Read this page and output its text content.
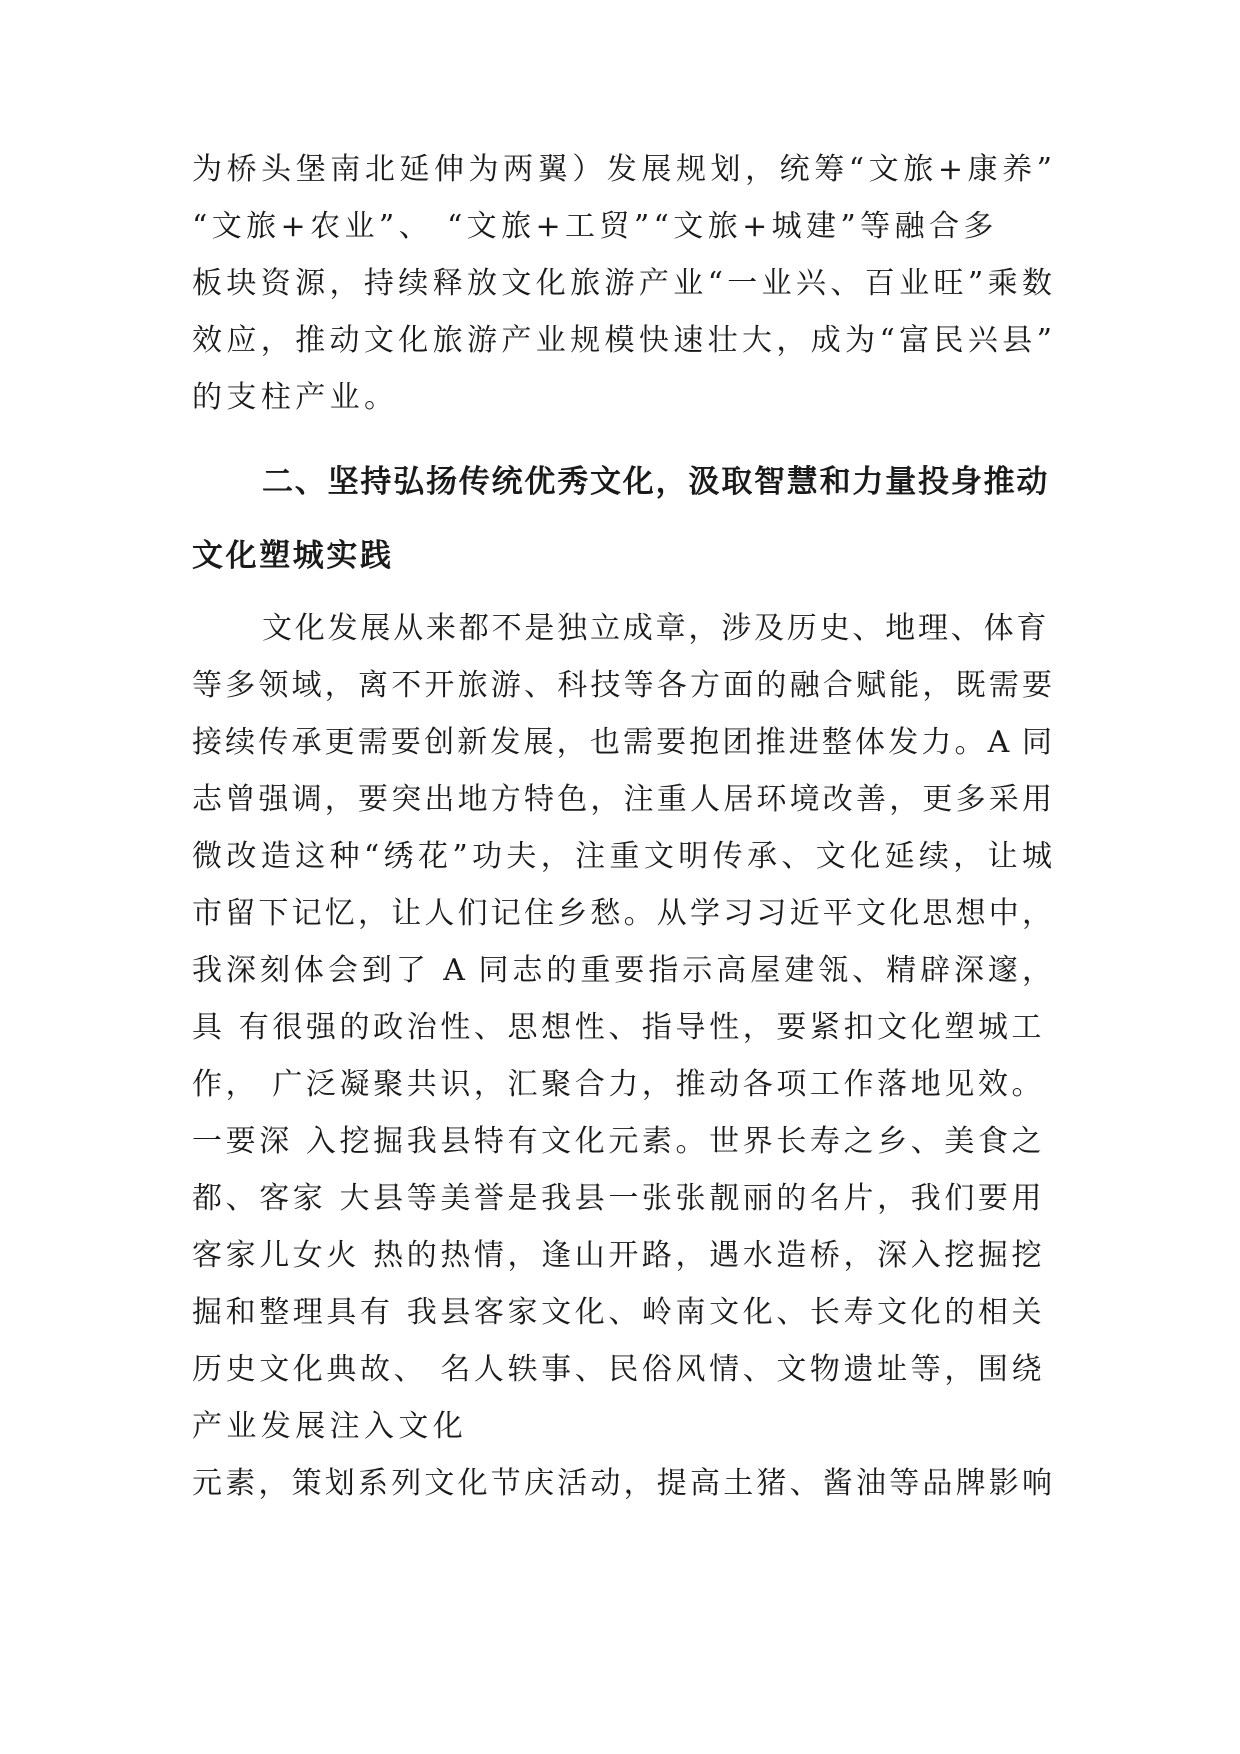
为桥头堡南北延伸为两翼）发展规划，统筹“文旅+康养”
“文旅+农业”、 “文旅+工贸”“文旅+城建”等融合多
板块资源，持续释放文化旅游产业“一业兴、百业旺”乘数
效应，推动文化旅游产业规模快速壮大，成为“富民兴县”
的支柱产业。
二、坚持弘扬传统优秀文化，汲取智慧和力量投身推动
文化塑城实践
文化发展从来都不是独立成章，涉及历史、地理、体育
等多领域，离不开旅游、科技等各方面的融合赋能，既需要
接续传承更需要创新发展，也需要抱团推进整体发力。A 同
志曾强调，要突出地方特色，注重人居环境改善，更多采用
微改造这种“绣花”功夫，注重文明传承、文化延续，让城
市留下记忆，让人们记住乡愁。从学习习近平文化思想中，
我深刻体会到了 A 同志的重要指示高屋建瓴、精辟深邃，
具 有很强的政治性、思想性、指导性，要紧扣文化塑城工
作， 广泛凝聚共识，汇聚合力，推动各项工作落地见效。
一要深 入挖掘我县特有文化元素。世界长寿之乡、美食之
都、客家 大县等美誉是我县一张张靓丽的名片，我们要用
客家儿女火 热的热情，逢山开路，遇水造桥，深入挖掘挖
掘和整理具有 我县客家文化、岭南文化、长寿文化的相关
历史文化典故、 名人轶事、民俗风情、文物遗址等，围绕
产业发展注入文化
元素，策划系列文化节庆活动，提高土猪、酱油等品牌影响
